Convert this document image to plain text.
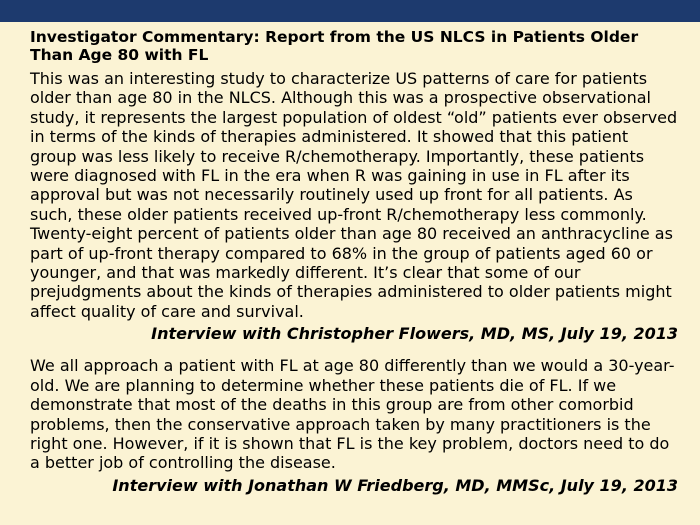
Investigator Commentary: Report from the US NLCS in Patients Older Than Age 80 with FL

This was an interesting study to characterize US patterns of care for patients older than age 80 in the NLCS. Although this was a prospective observational study, it represents the largest population of oldest “old” patients ever observed in terms of the kinds of therapies administered. It showed that this patient group was less likely to receive R/chemotherapy. Importantly, these patients were diagnosed with FL in the era when R was gaining in use in FL after its approval but was not necessarily routinely used up front for all patients. As such, these older patients received up-front R/chemotherapy less commonly. Twenty-eight percent of patients older than age 80 received an anthracycline as part of up-front therapy compared to 68% in the group of patients aged 60 or younger, and that was markedly different. It’s clear that some of our prejudgments about the kinds of therapies administered to older patients might affect quality of care and survival.

Interview with Christopher Flowers, MD, MS, July 19, 2013

We all approach a patient with FL at age 80 differently than we would a 30-year-old. We are planning to determine whether these patients die of FL. If we demonstrate that most of the deaths in this group are from other comorbid problems, then the conservative approach taken by many practitioners is the right one. However, if it is shown that FL is the key problem, doctors need to do a better job of controlling the disease.

Interview with Jonathan W Friedberg, MD, MMSc, July 19, 2013
